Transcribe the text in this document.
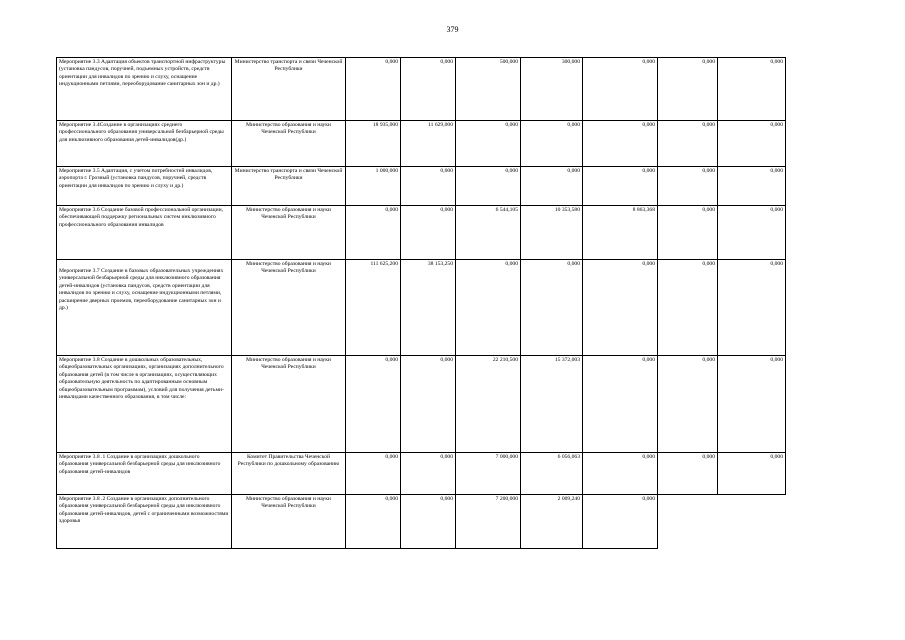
379
Мероприятие 3.3 Адаптация объектов транспортной инфраструктуры (установка пандусов, поручней, подъемных устройств, средств ориентации для инвалидов по зрению и слуху, оснащение индукционными петлями, переоборудование санитарных зон и др.)	Министерство транспорта и связи Чеченской Республики	0,000	0,000	500,000	300,000	0,000	0,000	0,000
Мероприятие 3.4Создание в организациях среднего профессионального образования универсальной безбарьерной среды для инклюзивного образования детей-инвалидов(др.)	Министерство образования и науки Чеченской Республики	18 935,000	11 629,000	0,000	0,000	0,000	0,000	0,000
Мероприятие 3.5 Адаптация, с учетом потребностей инвалидов, аэропорта г. Грозный (установка пандусов, поручней, средств ориентации для инвалидов по зрению и слуху и др.)	Министерство транспорта и связи Чеченской Республики	1 000,000	0,000	0,000	0,000	0,000	0,000	0,000
Мероприятие 3.6 Создание базовой профессиональной организации, обеспечивающей поддержку региональных систем инклюзивного профессионального образования инвалидов	Министерство образования и науки Чеченской Республики	0,000	0,000	6 544,105	10 353,580	8 863,368	0,000	0,000
Мероприятие 3.7 Создание в базовых образовательных учреждениях универсальной безбарьерной среды для инклюзивного образования детей-инвалидов (установка пандусов, средств ориентации для инвалидов по зрению и слуху, оснащение индукционными петлями, расширение дверных проемов, переоборудование санитарных зон и др.)	Министерство образования и науки Чеченской Республики	111 625,200	38 153,250	0,000	0,000	0,000	0,000	0,000
Мероприятие 3.8 Создание в дошкольных образовательных, общеобразовательных организациях, организациях дополнительного образования детей (в том числе в организациях, осуществляющих образовательную деятельность по адаптированным основным общеобразовательным программам), условий для получения детьми-инвалидами качественного образования, в том числе:	Министерство образования и науки Чеченской Республики	0,000	0,000	22 210,500	15 372,003	0,000	0,000	0,000
Мероприятие 3.8 .1 Создание в организациях дошкольного образования универсальной безбарьерной среды для инклюзивного образования детей-инвалидов	Комитет Правительства Чеченской Республики по дошкольному образованию	0,000	0,000	7 000,000	6 056,063	0,000	0,000	0,000
Мероприятие 3.8 .2 Создание в организациях дополнительного образования универсальной безбарьерной среды для инклюзивного образования детей-инвалидов, детей с ограниченными возможностями здоровья	Министерство образования и науки Чеченской Республики	0,000	0,000	7 200,000	2 009,240	0,000		
